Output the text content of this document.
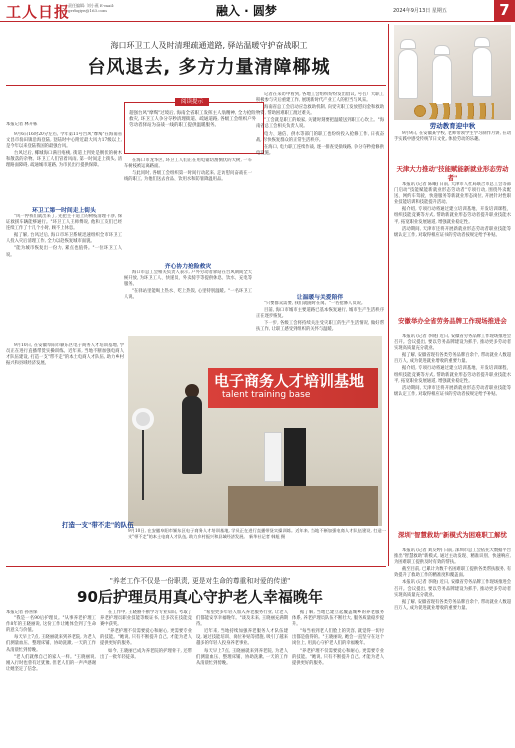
工人日报
责任编辑: 刘小燕 E-mail: grrbqiye@163.com	融入 · 圆梦	2024年9月13日 星期五	7
海口环卫工人及时清理疏通道路, 驿站温暖守护奋战职工
台风退去, 多方力量清障椰城
本报记者 林升栋

9月6日16时20分左右, 今年第11号台风"摩羯"在海南省文昌市翁田镇沿海登陆, 登陆时中心附近最大风力17级以上, 是今年以来登陆我国的最强台风。

台风过后, 椰城海口满目疮痍, 街道上到处是倒伏的树木和散落的杂物。环卫工人们冒着风雨, 第一时间走上街头, 清理路面障碍, 疏通城市道路, 为市民出行提供保障。

环卫工第一时间走上街头

"风一停我们就出来了, 先把主干道上的树枝清理干净, 保证救援车辆能够通行。"环卫工人王师傅说, 他和工友们已经连续工作了十几个小时, 顾不上休息。

据了解, 台风过后, 海口市环卫系统迅速组织全市环卫工人投入灾后清理工作, 全力以赴恢复城市面貌。

"能为城市恢复出一份力, 累点也值得。"一位环卫工人说。

阅读提示
超强台风"摩羯"过境后, 海南全省职工发挥主人翁精神, 全力抢险救灾, 环卫工人争分夺秒清理街道、疏通道路, 各级工会组织户外劳动者驿站为奋战一线的职工提供温暖服务。

在海口市龙华区, 环卫工人们正在用电锯切割倒伏的大树, 一车车树枝被运离路面。

与此同时, 各级工会组织第一时间行动起来, 走访慰问奋战在一线的职工, 为他们送去食品、饮用水和防暑降温用品。

齐心协力抢险救灾

海口市总工会相关负责人表示, 户外劳动者驿站在台风期间全天候开放, 为环卫工人、快递员、外卖骑手等提供休息、饮水、充电等服务。

"在驿站里能喝上热水、吃上热饭, 心里特别温暖。"一名环卫工人说。

记者在采访中看到, 各地工会组织纷纷发出倡议, 号召广大职工积极参与灾后重建工作, 展现新时代产业工人的担当与风采。

海南省总工会启动应急救助机制, 向受灾职工发放慰问金和救助物资, 帮助困难职工渡过难关。

"工会就是职工的娘家, 关键时刻要把温暖送到职工心坎上。"海南省总工会相关负责人说。

电力、通信、供水等部门的职工也纷纷投入抢修工作, 日夜奋战, 尽快恢复群众的正常生活秩序。

在海口, 电力职工连续作战, 逐一排查受损线路, 争分夺秒抢修供电设施。

让温暖与关爱陪伴

"只要群众需要, 我们就随时在岗。"一名抢修人员说。

目前, 海口市城市主要道路已基本恢复通行, 城市生产生活秩序正在逐步恢复。

下一步, 各级工会将持续关注受灾职工的生产生活情况, 做好帮扶工作, 让职工感受到组织的关怀与温暖。

电子商务人才培训基地
talent training base

9月10日, 在安徽阜阳市颍东区电子商务人才培训基地, 学员正在进行直播带货实操训练。近年来, 当地不断加强电商人才队伍建设, 打造一支"带不走"的本土电商人才队伍, 助力乡村振兴和县域经济发展。

打造一支"带不走"的队伍
9月10日, 在安徽阜阳市颍东区电子商务人才培训基地, 学员正在进行直播带货实操训练。近年来, 当地不断加强电商人才队伍建设, 打造一支"带不走"的本土电商人才队伍, 助力乡村振兴和县域经济发展。 新华社记者 韩旭 摄
劳动教育迎中秋

9月9日, 在安徽某学校, 老师带领学生学习制作月饼, 在动手实践中感受传统节日文化, 体验劳动的乐趣。

天津大力推动"技能赋能新就业形态劳动者"

本报讯 (记者 陈曦) 日前, 天津市人社局联合市总工会等部门启动"技能赋能新就业形态劳动者"专项行动, 围绕外卖配送、网约车驾驶、快递服务等新就业形态岗位, 开展针对性职业技能培训和技能提升活动。

据介绍, 专项行动将通过建立培训基地、开发培训课程、组织技能竞赛等方式, 帮助新就业形态劳动者提升职业技能水平, 拓宽职业发展通道, 增强就业稳定性。

活动期间, 天津市还将开展新就业形态劳动者职业技能等级认定工作, 对取得相应证书的劳动者按规定给予补贴。

安徽举办全省劳务品牌工作现场推进会

本报讯 (记者 李晓) 近日, 安徽省劳务品牌工作现场推进会召开。会议提出, 要以劳务品牌建设为抓手, 推动更多劳动者实现高质量充分就业。

据了解, 安徽省现有各类劳务品牌百余个, 带动就业人数超百万人, 成为促进就业增收的重要力量。

据介绍, 专项行动将通过建立培训基地、开发培训课程、组织技能竞赛等方式, 帮助新就业形态劳动者提升职业技能水平, 拓宽职业发展通道, 增强就业稳定性。

活动期间, 天津市还将开展新就业形态劳动者职业技能等级认定工作, 对取得相应证书的劳动者按规定给予补贴。

深圳"智慧救助"新模式为困难职工解忧

本报讯 (记者 刘友婷) 日前, 深圳市总工会依托大数据平台推出"智慧救助"新模式, 通过主动发现、精准识别、快速响应, 为困难职工提供及时有效的帮扶。

截至目前, 已累计为数千名困难职工提供各类帮扶服务, 有效提升了救助工作的精准度和覆盖面。

本报讯 (记者 李晓) 近日, 安徽省劳务品牌工作现场推进会召开。会议提出, 要以劳务品牌建设为抓手, 推动更多劳动者实现高质量充分就业。

据了解, 安徽省现有各类劳务品牌百余个, 带动就业人数超百万人, 成为促进就业增收的重要力量。

"养老工作不仅是一份职责, 更是对生命的尊重和对爱的传递"
90后护理员用真心守护老人幸福晚年
本报记者 孙喜保

"我是一名90后护理员。"从事养老护理工作8年的王晓丽说, 这份工作让她体会到了生命的意义与价值。

每天早上7点, 王晓丽就来到养老院, 为老人们测量血压、整理床铺、协助洗漱, 一天的工作从清晨忙到傍晚。

"老人们就像自己的家人一样。"王晓丽说, 刚入行时也曾有过犹豫, 但老人们的一声声感谢让她坚定了信念。

在工作中, 王晓丽不断学习专业知识, 考取了养老护理员职业技能等级证书, 还多次在技能竞赛中获奖。

"养老护理不仅需要爱心和耐心, 更需要专业的技能。"她说, 只有不断提升自己, 才能为老人提供更好的服务。

如今, 王晓丽已成为养老院的护理骨干, 还带出了一批年轻徒弟。

"希望更多年轻人加入养老服务行业, 让老人们都能安享幸福晚年。"谈及未来, 王晓丽充满期待。

近年来, 当地持续加强养老服务人才队伍建设, 通过技能培训、岗位补贴等措施, 吸引了越来越多的年轻人投身养老事业。

每天早上7点, 王晓丽就来到养老院, 为老人们测量血压、整理床铺、协助洗漱, 一天的工作从清晨忙到傍晚。

据了解, 当地已建立起覆盖城乡的养老服务体系, 养老护理员队伍不断壮大, 服务质量稳步提升。

"每当看到老人们脸上的笑容, 就觉得一切付出都是值得的。"王晓丽说, 她会一直坚守在这个岗位上, 用真心守护老人们的幸福晚年。

"养老护理不仅需要爱心和耐心, 更需要专业的技能。"她说, 只有不断提升自己, 才能为老人提供更好的服务。
